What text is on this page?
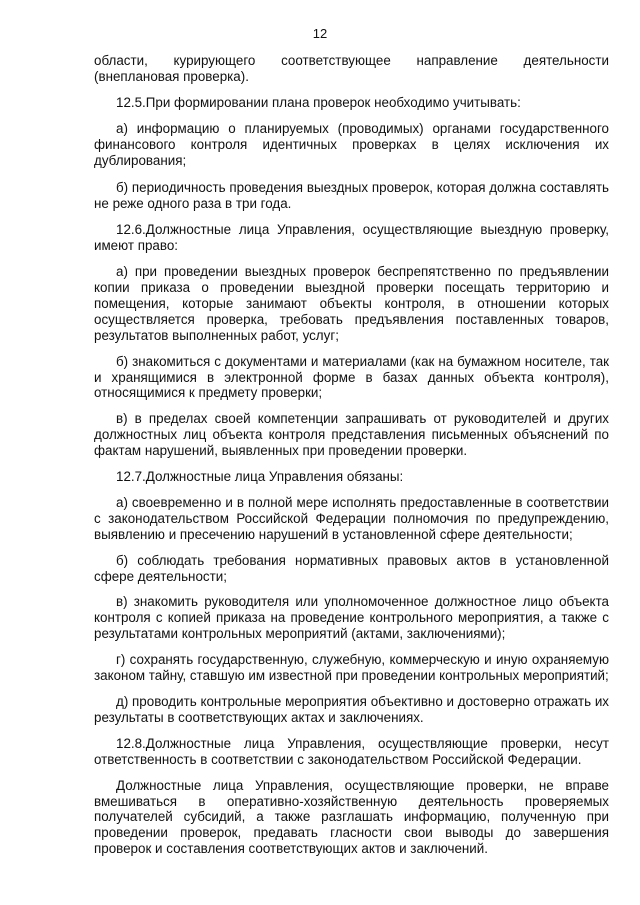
12

области, курирующего соответствующее направление деятельности (внеплановая проверка).

12.5.При формировании плана проверок необходимо учитывать:

а) информацию о планируемых (проводимых) органами государственного финансового контроля идентичных проверках в целях исключения их дублирования;

б) периодичность проведения выездных проверок, которая должна составлять не реже одного раза в три года.

12.6.Должностные лица Управления, осуществляющие выездную проверку, имеют право:

а) при проведении выездных проверок беспрепятственно по предъявлении копии приказа о проведении выездной проверки посещать территорию и помещения, которые занимают объекты контроля, в отношении которых осуществляется проверка, требовать предъявления поставленных товаров, результатов выполненных работ, услуг;

б) знакомиться с документами и материалами (как на бумажном носителе, так и хранящимися в электронной форме в базах данных объекта контроля), относящимися к предмету проверки;

в) в пределах своей компетенции запрашивать от руководителей и других должностных лиц объекта контроля представления письменных объяснений по фактам нарушений, выявленных при проведении проверки.

12.7.Должностные лица Управления обязаны:

а) своевременно и в полной мере исполнять предоставленные в соответствии с законодательством Российской Федерации полномочия по предупреждению, выявлению и пресечению нарушений в установленной сфере деятельности;

б) соблюдать требования нормативных правовых актов в установленной сфере деятельности;

в) знакомить руководителя или уполномоченное должностное лицо объекта контроля с копией приказа на проведение контрольного мероприятия, а также с результатами контрольных мероприятий (актами, заключениями);

г) сохранять государственную, служебную, коммерческую и иную охраняемую законом тайну, ставшую им известной при проведении контрольных мероприятий;

д) проводить контрольные мероприятия объективно и достоверно отражать их результаты в соответствующих актах и заключениях.

12.8.Должностные лица Управления, осуществляющие проверки, несут ответственность в соответствии с законодательством Российской Федерации.

Должностные лица Управления, осуществляющие проверки, не вправе вмешиваться в оперативно-хозяйственную деятельность проверяемых получателей субсидий, а также разглашать информацию, полученную при проведении проверок, предавать гласности свои выводы до завершения проверок и составления соответствующих актов и заключений.
